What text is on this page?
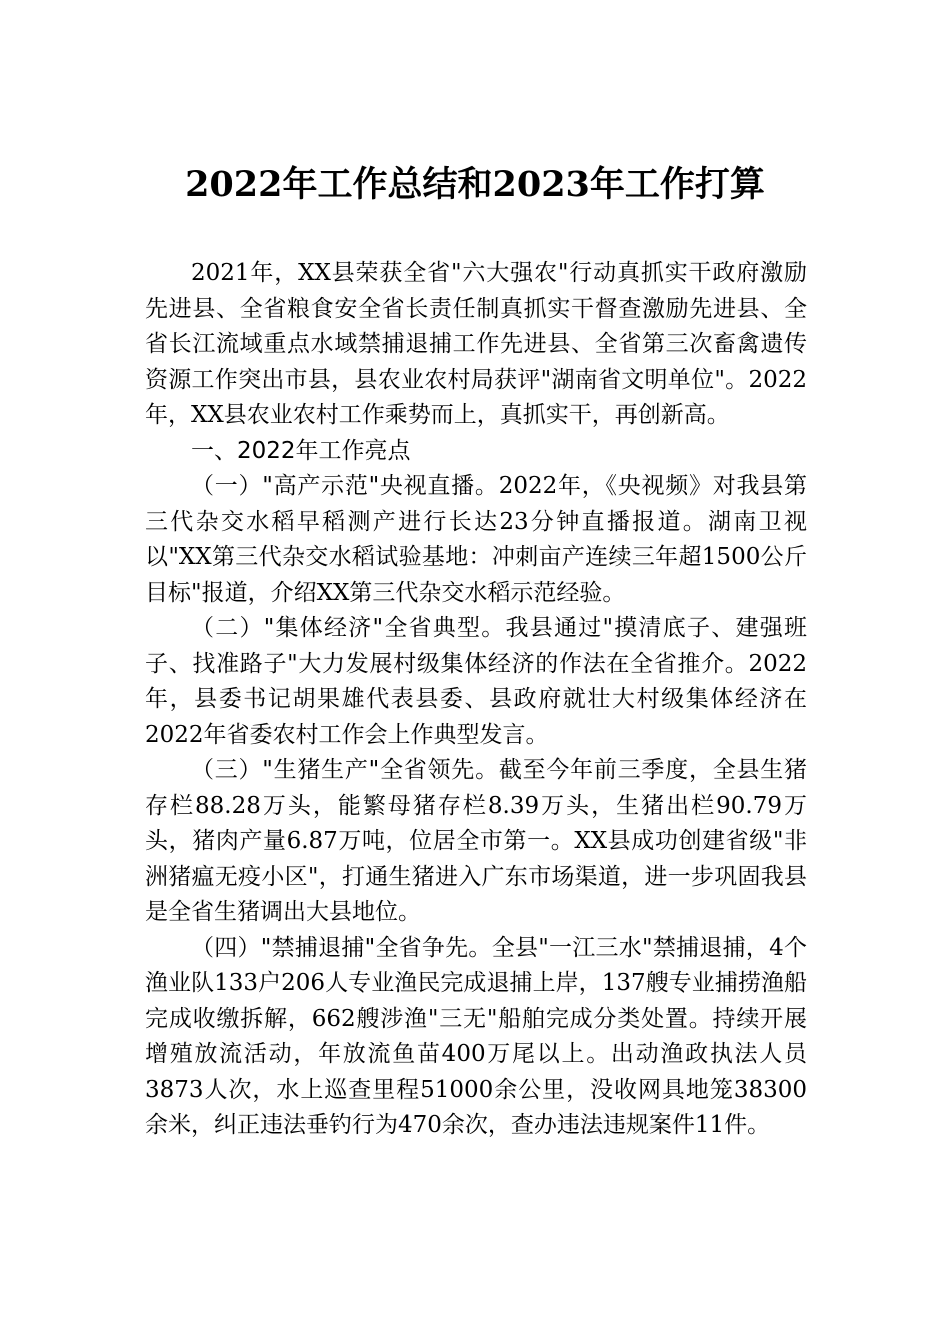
2022年工作总结和2023年工作打算

2021年，XX县荣获全省"六大强农"行动真抓实干政府激励先进县、全省粮食安全省长责任制真抓实干督查激励先进县、全省长江流域重点水域禁捕退捕工作先进县、全省第三次畜禽遗传资源工作突出市县，县农业农村局获评"湖南省文明单位"。2022年，XX县农业农村工作乘势而上，真抓实干，再创新高。

一、2022年工作亮点

（一）"高产示范"央视直播。2022年，《央视频》对我县第三代杂交水稻早稻测产进行长达23分钟直播报道。湖南卫视以"XX第三代杂交水稻试验基地：冲刺亩产连续三年超1500公斤目标"报道，介绍XX第三代杂交水稻示范经验。

（二）"集体经济"全省典型。我县通过"摸清底子、建强班子、找准路子"大力发展村级集体经济的作法在全省推介。2022年，县委书记胡果雄代表县委、县政府就壮大村级集体经济在2022年省委农村工作会上作典型发言。

（三）"生猪生产"全省领先。截至今年前三季度，全县生猪存栏88.28万头，能繁母猪存栏8.39万头，生猪出栏90.79万头，猪肉产量6.87万吨，位居全市第一。XX县成功创建省级"非洲猪瘟无疫小区"，打通生猪进入广东市场渠道，进一步巩固我县是全省生猪调出大县地位。

（四）"禁捕退捕"全省争先。全县"一江三水"禁捕退捕，4个渔业队133户206人专业渔民完成退捕上岸，137艘专业捕捞渔船完成收缴拆解，662艘涉渔"三无"船舶完成分类处置。持续开展增殖放流活动，年放流鱼苗400万尾以上。出动渔政执法人员3873人次，水上巡查里程51000余公里，没收网具地笼38300余米，纠正违法垂钓行为470余次，查办违法违规案件11件。
